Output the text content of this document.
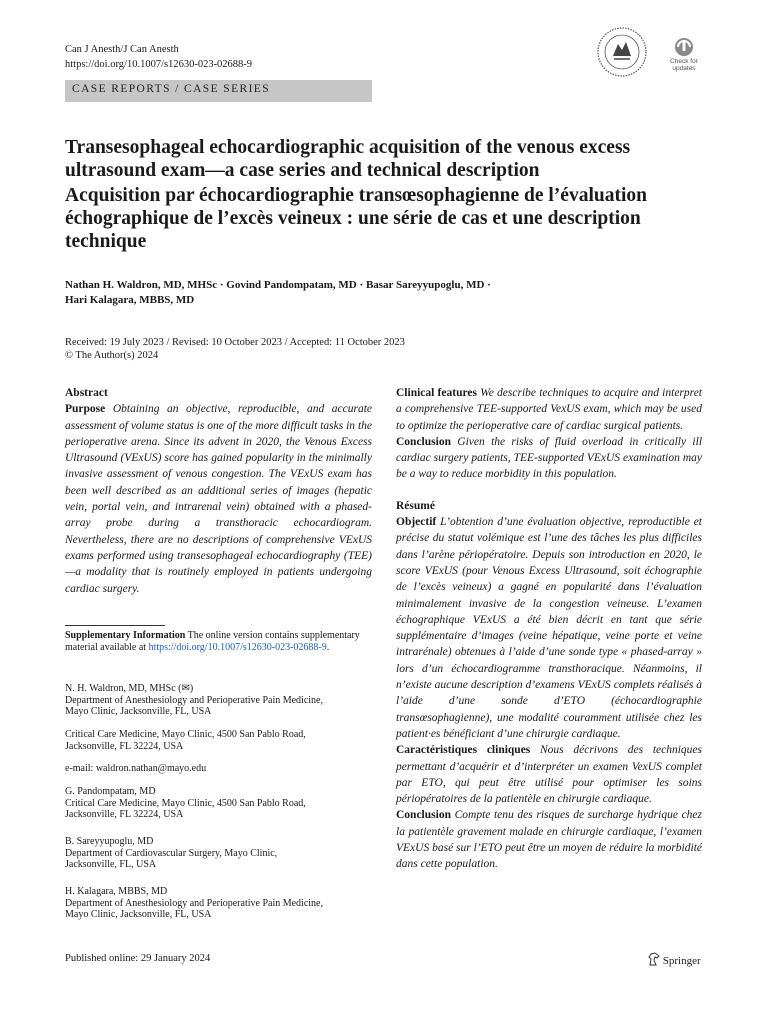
Can J Anesth/J Can Anesth
https://doi.org/10.1007/s12630-023-02688-9	Check for updates
CASE REPORTS / CASE SERIES
Transesophageal echocardiographic acquisition of the venous excess ultrasound exam—a case series and technical description
Acquisition par échocardiographie transœsophagienne de l’évaluation échographique de l’excès veineux : une série de cas et une description technique
Nathan H. Waldron, MD, MHSc · Govind Pandompatam, MD · Basar Sareyyupoglu, MD ·
Hari Kalagara, MBBS, MD
Received: 19 July 2023 / Revised: 10 October 2023 / Accepted: 11 October 2023
© The Author(s) 2024
Abstract

Purpose Obtaining an objective, reproducible, and accurate assessment of volume status is one of the more difficult tasks in the perioperative arena. Since its advent in 2020, the Venous Excess Ultrasound (VExUS) score has gained popularity in the minimally invasive assessment of venous congestion. The VExUS exam has been well described as an additional series of images (hepatic vein, portal vein, and intrarenal vein) obtained with a phased-array probe during a transthoracic echocardiogram. Nevertheless, there are no descriptions of comprehensive VExUS exams performed using transesophageal echocardiography (TEE)—a modality that is routinely employed in patients undergoing cardiac surgery.

Supplementary Information The online version contains supplementary material available at https://doi.org/10.1007/s12630-023-02688-9.
N. H. Waldron, MD, MHSc (✉)
Department of Anesthesiology and Perioperative Pain Medicine,
Mayo Clinic, Jacksonville, FL, USA
Critical Care Medicine, Mayo Clinic, 4500 San Pablo Road,
Jacksonville, FL 32224, USA
e-mail: waldron.nathan@mayo.edu
G. Pandompatam, MD
Critical Care Medicine, Mayo Clinic, 4500 San Pablo Road,
Jacksonville, FL 32224, USA
B. Sareyyupoglu, MD
Department of Cardiovascular Surgery, Mayo Clinic,
Jacksonville, FL, USA
H. Kalagara, MBBS, MD
Department of Anesthesiology and Perioperative Pain Medicine,
Mayo Clinic, Jacksonville, FL, USA

Clinical features We describe techniques to acquire and interpret a comprehensive TEE-supported VexUS exam, which may be used to optimize the perioperative care of cardiac surgical patients.

Conclusion Given the risks of fluid overload in critically ill cardiac surgery patients, TEE-supported VExUS examination may be a way to reduce morbidity in this population.

Résumé

Objectif L’obtention d’une évaluation objective, reproductible et précise du statut volémique est l’une des tâches les plus difficiles dans l’arène périopératoire. Depuis son introduction en 2020, le score VExUS (pour Venous Excess Ultrasound, soit échographie de l’excès veineux) a gagné en popularité dans l’évaluation minimalement invasive de la congestion veineuse. L’examen échographique VExUS a été bien décrit en tant que série supplémentaire d’images (veine hépatique, veine porte et veine intrarénale) obtenues à l’aide d’une sonde type « phased-array » lors d’un échocardiogramme transthoracique. Néanmoins, il n’existe aucune description d’examens VExUS complets réalisés à l’aide d’une sonde d’ETO (échocardiographie transœsophagienne), une modalité couramment utilisée chez les patient·es bénéficiant d’une chirurgie cardiaque.

Caractéristiques cliniques Nous décrivons des techniques permettant d’acquérir et d’interpréter un examen VexUS complet par ETO, qui peut être utilisé pour optimiser les soins périopératoires de la patientèle en chirurgie cardiaque.

Conclusion Compte tenu des risques de surcharge hydrique chez la patientèle gravement malade en chirurgie cardiaque, l’examen VExUS basé sur l’ETO peut être un moyen de réduire la morbidité dans cette population.

Published online: 29 January 2024	Springer
